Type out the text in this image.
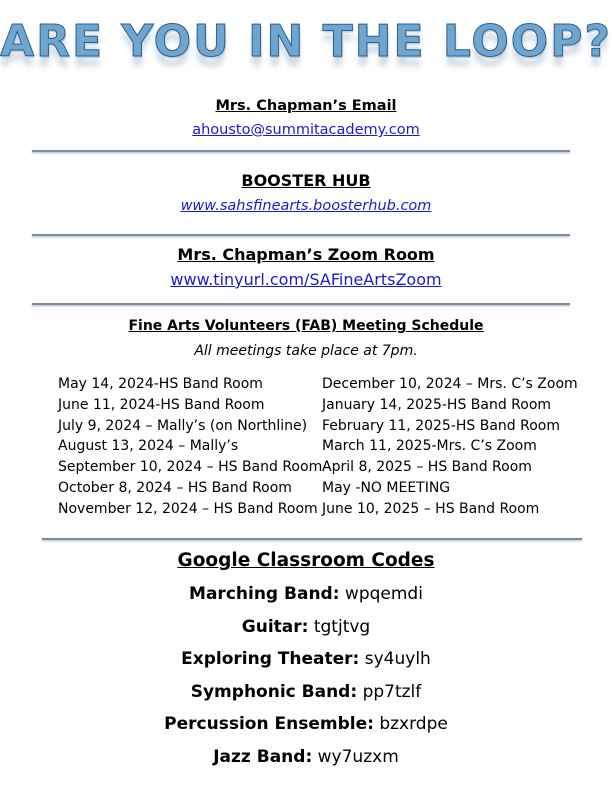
ARE YOU IN THE LOOP?
Mrs. Chapman’s Email
ahousto@summitacademy.com
BOOSTER HUB
www.sahsfinearts.boosterhub.com
Mrs. Chapman’s Zoom Room
www.tinyurl.com/SAFineArtsZoom
Fine Arts Volunteers (FAB) Meeting Schedule
All meetings take place at 7pm.
May 14, 2024-HS Band Room
June 11, 2024-HS Band Room
July 9, 2024 – Mally’s (on Northline)
August 13, 2024 – Mally’s
September 10, 2024 – HS Band Room
October 8, 2024 – HS Band Room
November 12, 2024 – HS Band Room
December 10, 2024 – Mrs. C’s Zoom
January 14, 2025-HS Band Room
February 11, 2025-HS Band Room
March 11, 2025-Mrs. C’s Zoom
April 8, 2025 – HS Band Room
May -NO MEETING
June 10, 2025 – HS Band Room
Google Classroom Codes
Marching Band: wpqemdi
Guitar: tgtjtvg
Exploring Theater: sy4uylh
Symphonic Band: pp7tzlf
Percussion Ensemble: bzxrdpe
Jazz Band: wy7uzxm
